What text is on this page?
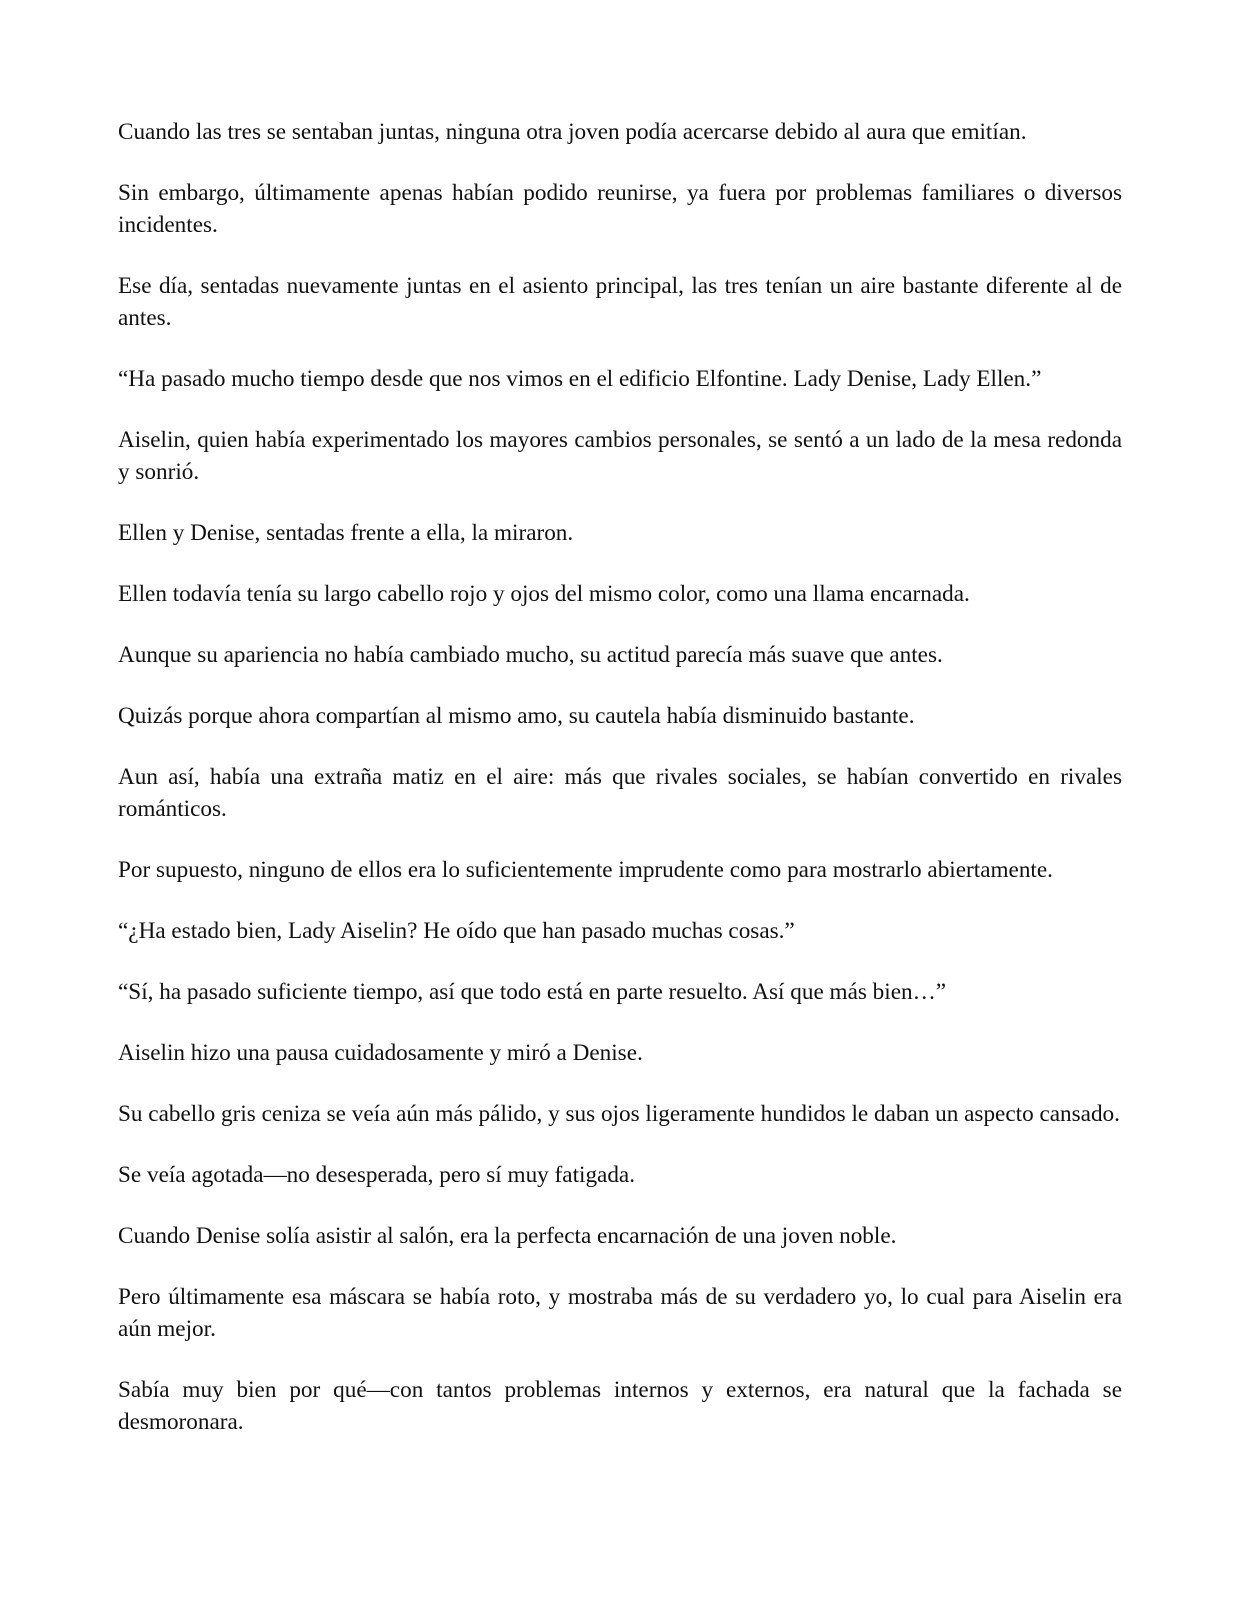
Cuando las tres se sentaban juntas, ninguna otra joven podía acercarse debido al aura que emitían.

Sin embargo, últimamente apenas habían podido reunirse, ya fuera por problemas familiares o diversos incidentes.

Ese día, sentadas nuevamente juntas en el asiento principal, las tres tenían un aire bastante diferente al de antes.

“Ha pasado mucho tiempo desde que nos vimos en el edificio Elfontine. Lady Denise, Lady Ellen.”

Aiselin, quien había experimentado los mayores cambios personales, se sentó a un lado de la mesa redonda y sonrió.

Ellen y Denise, sentadas frente a ella, la miraron.

Ellen todavía tenía su largo cabello rojo y ojos del mismo color, como una llama encarnada.

Aunque su apariencia no había cambiado mucho, su actitud parecía más suave que antes.

Quizás porque ahora compartían al mismo amo, su cautela había disminuido bastante.

Aun así, había una extraña matiz en el aire: más que rivales sociales, se habían convertido en rivales románticos.

Por supuesto, ninguno de ellos era lo suficientemente imprudente como para mostrarlo abiertamente.

“¿Ha estado bien, Lady Aiselin? He oído que han pasado muchas cosas.”

“Sí, ha pasado suficiente tiempo, así que todo está en parte resuelto. Así que más bien…”

Aiselin hizo una pausa cuidadosamente y miró a Denise.

Su cabello gris ceniza se veía aún más pálido, y sus ojos ligeramente hundidos le daban un aspecto cansado.

Se veía agotada—no desesperada, pero sí muy fatigada.

Cuando Denise solía asistir al salón, era la perfecta encarnación de una joven noble.

Pero últimamente esa máscara se había roto, y mostraba más de su verdadero yo, lo cual para Aiselin era aún mejor.

Sabía muy bien por qué—con tantos problemas internos y externos, era natural que la fachada se desmoronara.
